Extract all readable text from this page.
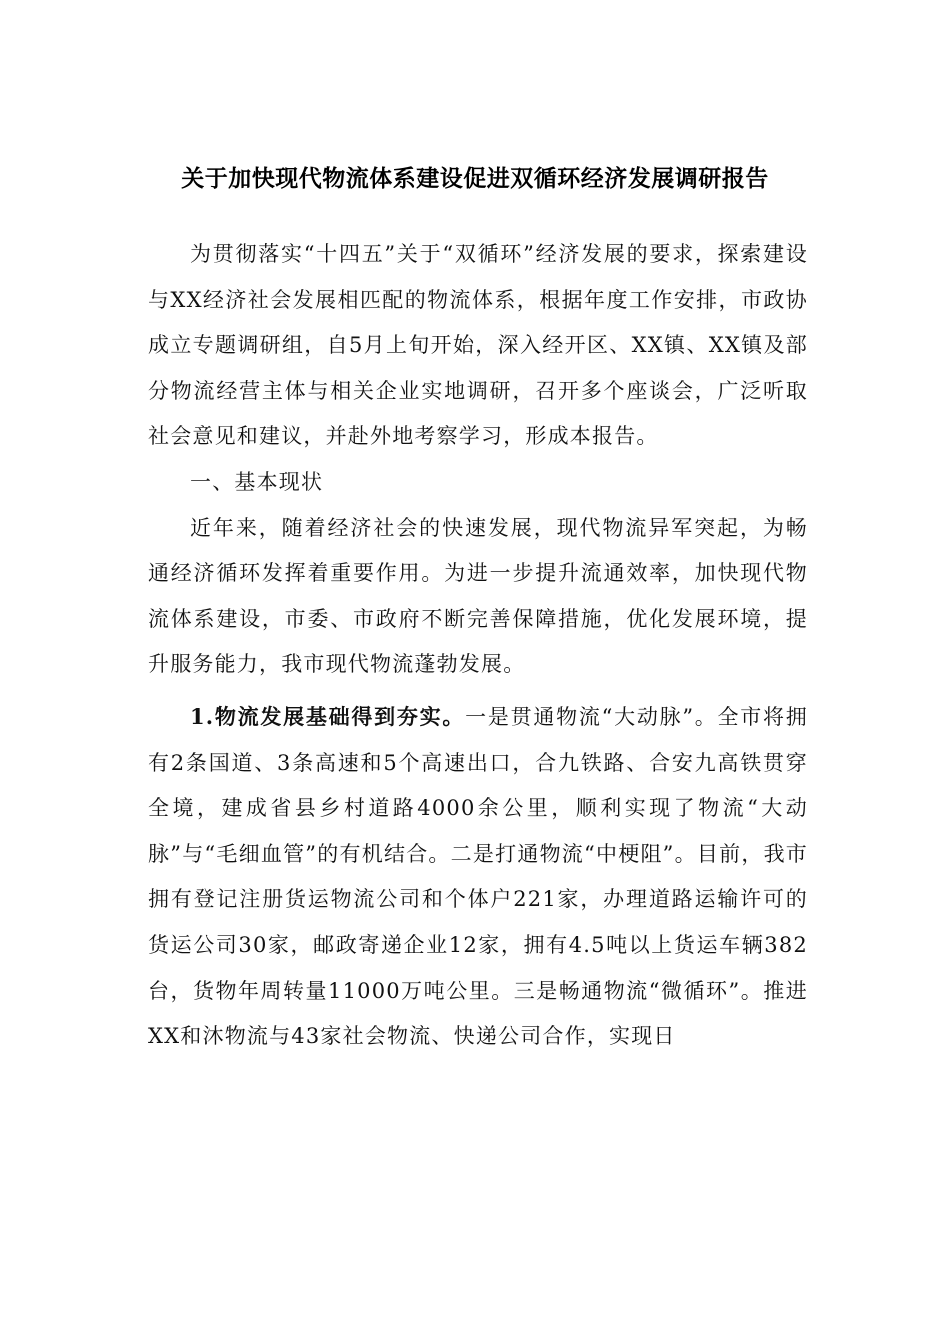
关于加快现代物流体系建设促进双循环经济发展调研报告

为贯彻落实“十四五”关于“双循环”经济发展的要求，探索建设与XX经济社会发展相匹配的物流体系，根据年度工作安排，市政协成立专题调研组，自5月上旬开始，深入经开区、XX镇、XX镇及部分物流经营主体与相关企业实地调研，召开多个座谈会，广泛听取社会意见和建议，并赴外地考察学习，形成本报告。

一、基本现状

近年来，随着经济社会的快速发展，现代物流异军突起，为畅通经济循环发挥着重要作用。为进一步提升流通效率，加快现代物流体系建设，市委、市政府不断完善保障措施，优化发展环境，提升服务能力，我市现代物流蓬勃发展。

1.物流发展基础得到夯实。一是贯通物流“大动脉”。全市将拥有2条国道、3条高速和5个高速出口，合九铁路、合安九高铁贯穿全境，建成省县乡村道路4000余公里，顺利实现了物流“大动脉”与“毛细血管”的有机结合。二是打通物流“中梗阻”。目前，我市拥有登记注册货运物流公司和个体户221家，办理道路运输许可的货运公司30家，邮政寄递企业12家，拥有4.5吨以上货运车辆382台，货物年周转量11000万吨公里。三是畅通物流“微循环”。推进XX和沐物流与43家社会物流、快递公司合作，实现日
